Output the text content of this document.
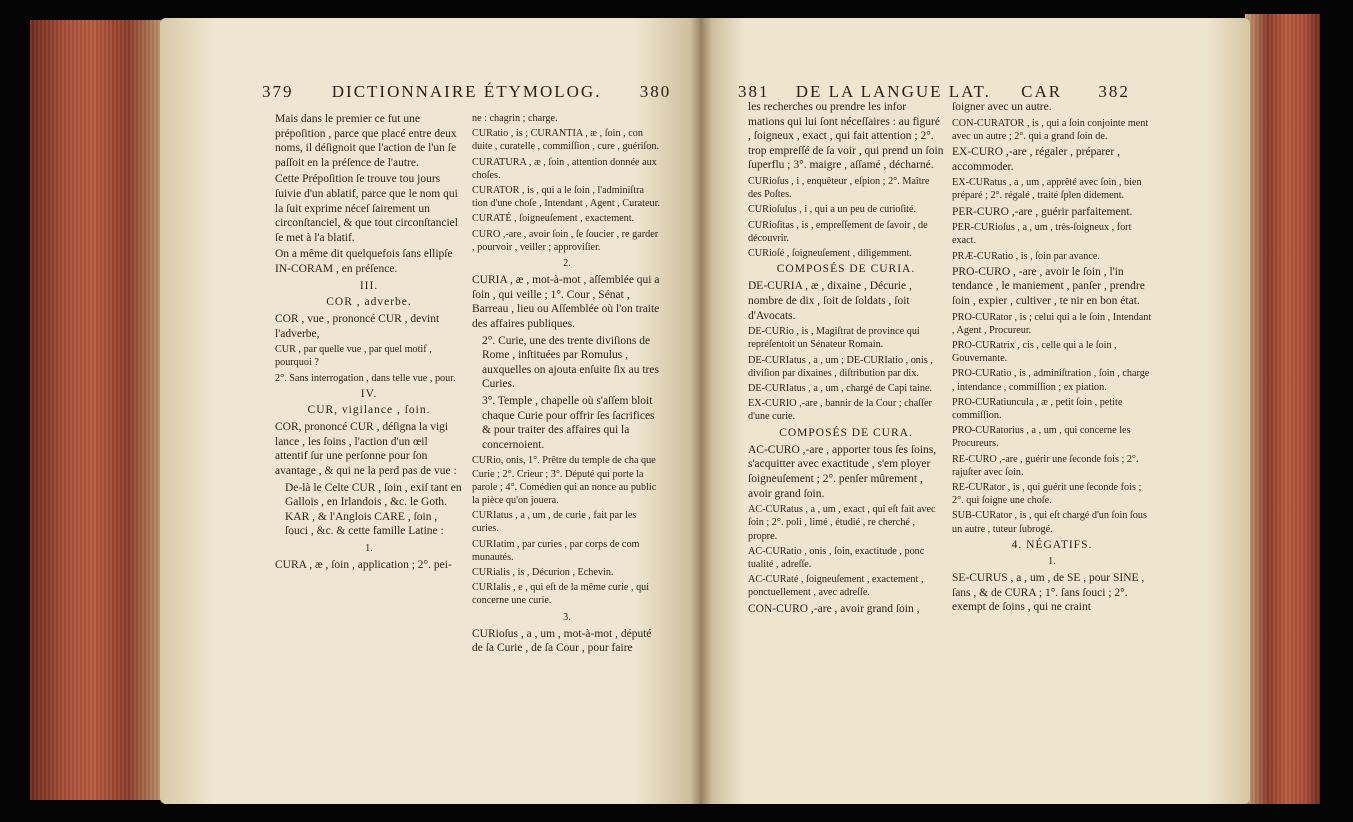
379 DICTIONNAIRE ÉTYMOLOG. 380	381 DE LA LANGUE LAT. CAR 382

Mais dans le premier ce fut une prépoſition , parce que placé entre deux noms, il déſignoit que l'action de l'un ſe paſſoit en la préſence de l'autre.

Cette Prépoſition ſe trouve tou jours ſuivie d'un ablatif, parce que le nom qui la ſuit exprime néceſ ſairement un circonſtanciel, & que tout circonſtanciel ſe met à l'a blatif.

On a même dit quelquefois ſans ellipſe IN-CORAM , en préſence.

III.

COR , adverbe.

COR , vue , prononcé CUR , devint l'adverbe,

CUR , par quelle vue , par quel motif , pourquoi ?

2°. Sans interrogation , dans telle vue , pour.

IV.

CUR, vigilance , ſoin.

COR, prononcé CUR , déſigna la vigi lance , les ſoins , l'action d'un œil attentif ſur une perſonne pour ſon avantage , & qui ne la perd pas de vue :

De-là le Celte CUR , ſoin , exiſ tant en Gallois , en Irlandois , &c. le Goth. KAR , & l'Anglois CARE , ſoin , ſouci , &c. & cette famille Latine :

1.

CURA , æ , ſoin , application ; 2°. pei-

ne : chagrin ; charge.

CURatio , is ; CURANTIA , æ , ſoin , con duite , curatelle , commiſſion , cure , guériſon.

CURATURA , æ , ſoin , attention donnée aux choſes.

CURATOR , is , qui a le ſoin , l'adminiſtra tion d'une choſe , Intendant , Agent , Curateur.

CURATÉ , ſoigneuſement , exactement.

CURO ,-are , avoir ſoin , ſe ſoucier , re garder , pourvoir , veiller ; approviſier.

2.

CURIA , æ , mot-à-mot , aſſemblée qui a ſoin , qui veille ; 1°. Cour , Sénat , Barreau , lieu ou Aſſemblée où l'on traite des affaires publiques.

2°. Curie, une des trente diviſions de Rome , inſtituées par Romulus , auxquelles on ajouta enſuite ſix au tres Curies.

3°. Temple , chapelle où s'aſſem bloit chaque Curie pour offrir ſes ſacrifices & pour traiter des affaires qui la concernoient.

CURio, onis, 1°. Prêtre du temple de cha que Curie ; 2°. Crieur ; 3°. Député qui porte la parole ; 4°. Comédien qui an nonce au public la pièce qu'on jouera.

CURIatus , a , um , de curie , fait par les curies.

CURIatim , par curies , par corps de com munautés.

CURialis , is , Décurion , Echevin.

CURIalis , e , qui eſt de la même curie , qui concerne une curie.

3.

CURioſus , a , um , mot-à-mot , député de ſa Curie , de ſa Cour , pour faire

les recherches ou prendre les infor mations qui lui ſont néceſſaires : au figuré , ſoigneux , exact , qui fait attention ; 2°. trop empreſſé de ſa voir , qui prend un ſoin ſuperflu ; 3°. maigre , aſſamé , décharné.

CURioſus , i , enquêteur , eſpion ; 2°. Maître des Poſtes.

CURioſulus , i , qui a un peu de curioſité.

CURioſitas , is , empreſſement de ſavoir , de découvrir.

CURioſé , ſoigneuſement , diligemment.

COMPOSÉS DE CURIA.

DE-CURIA , æ , dixaine , Décurie , nombre de dix , ſoit de ſoldats , ſoit d'Avocats.

DE-CURio , is , Magiſtrat de province qui repréſentoit un Sénateur Romain.

DE-CURIatus , a , um ; DE-CURIatio , onis , diviſion par dixaines , diſtribution par dix.

DE-CURIatus , a , um , chargé de Capi taine.

EX-CURIO ,-are , bannir de la Cour ; chaſſer d'une curie.

COMPOSÉS DE CURA.

AC-CURO ,-are , apporter tous ſes ſoins, s'acquitter avec exactitude , s'em ployer ſoigneuſement ; 2°. penſer mûrement , avoir grand ſoin.

AC-CURatus , a , um , exact , qui eſt fait avec ſoin ; 2°. poli , limé , étudié , re cherché , propre.

AC-CURatio , onis , ſoin, exactitude , ponc tualité , adreſſe.

AC-CURaté , ſoigneuſement , exactement , ponctuellement , avec adreſſe.

CON-CURO ,-are , avoir grand ſoin ,

ſoigner avec un autre.

CON-CURATOR , is , qui a ſoin conjointe ment avec un autre ; 2°. qui a grand ſoin de.

EX-CURO ,-are , régaler , préparer , accommoder.

EX-CURatus , a , um , apprêté avec ſoin , bien préparé ; 2°. régalé , traité ſplen didement.

PER-CURO ,-are , guérir parfaitement.

PER-CURioſus , a , um , très-ſoigneux , fort exact.

PRÆ-CURatio , is , ſoin par avance.

PRO-CURO , -are , avoir le ſoin , l'in tendance , le maniement , panſer , prendre ſoin , expier , cultiver , te nir en bon état.

PRO-CURator , is ; celui qui a le ſoin , Intendant , Agent , Procureur.

PRO-CURatrix , cis , celle qui a le ſoin , Gouvernante.

PRO-CURatio , is , adminiſtration , ſoin , charge , intendance , commiſſion ; ex piation.

PRO-CURatiuncula , æ , petit ſoin , petite commiſſion.

PRO-CURatorius , a , um , qui concerne les Procureurs.

RE-CURO ,-are , guérir une ſeconde fois ; 2°. rajuſter avec ſoin.

RE-CURator , is , qui guérit une ſeconde fois ; 2°. qui ſoigne une choſe.

SUB-CURator , is , qui eſt chargé d'un ſoin ſous un autre , tuteur ſubrogé.

4. NÉGATIFS.

1.

SE-CURUS , a , um , de SE , pour SINE , ſans , & de CURA ; 1°. ſans ſouci ; 2°. exempt de ſoins , qui ne craint
